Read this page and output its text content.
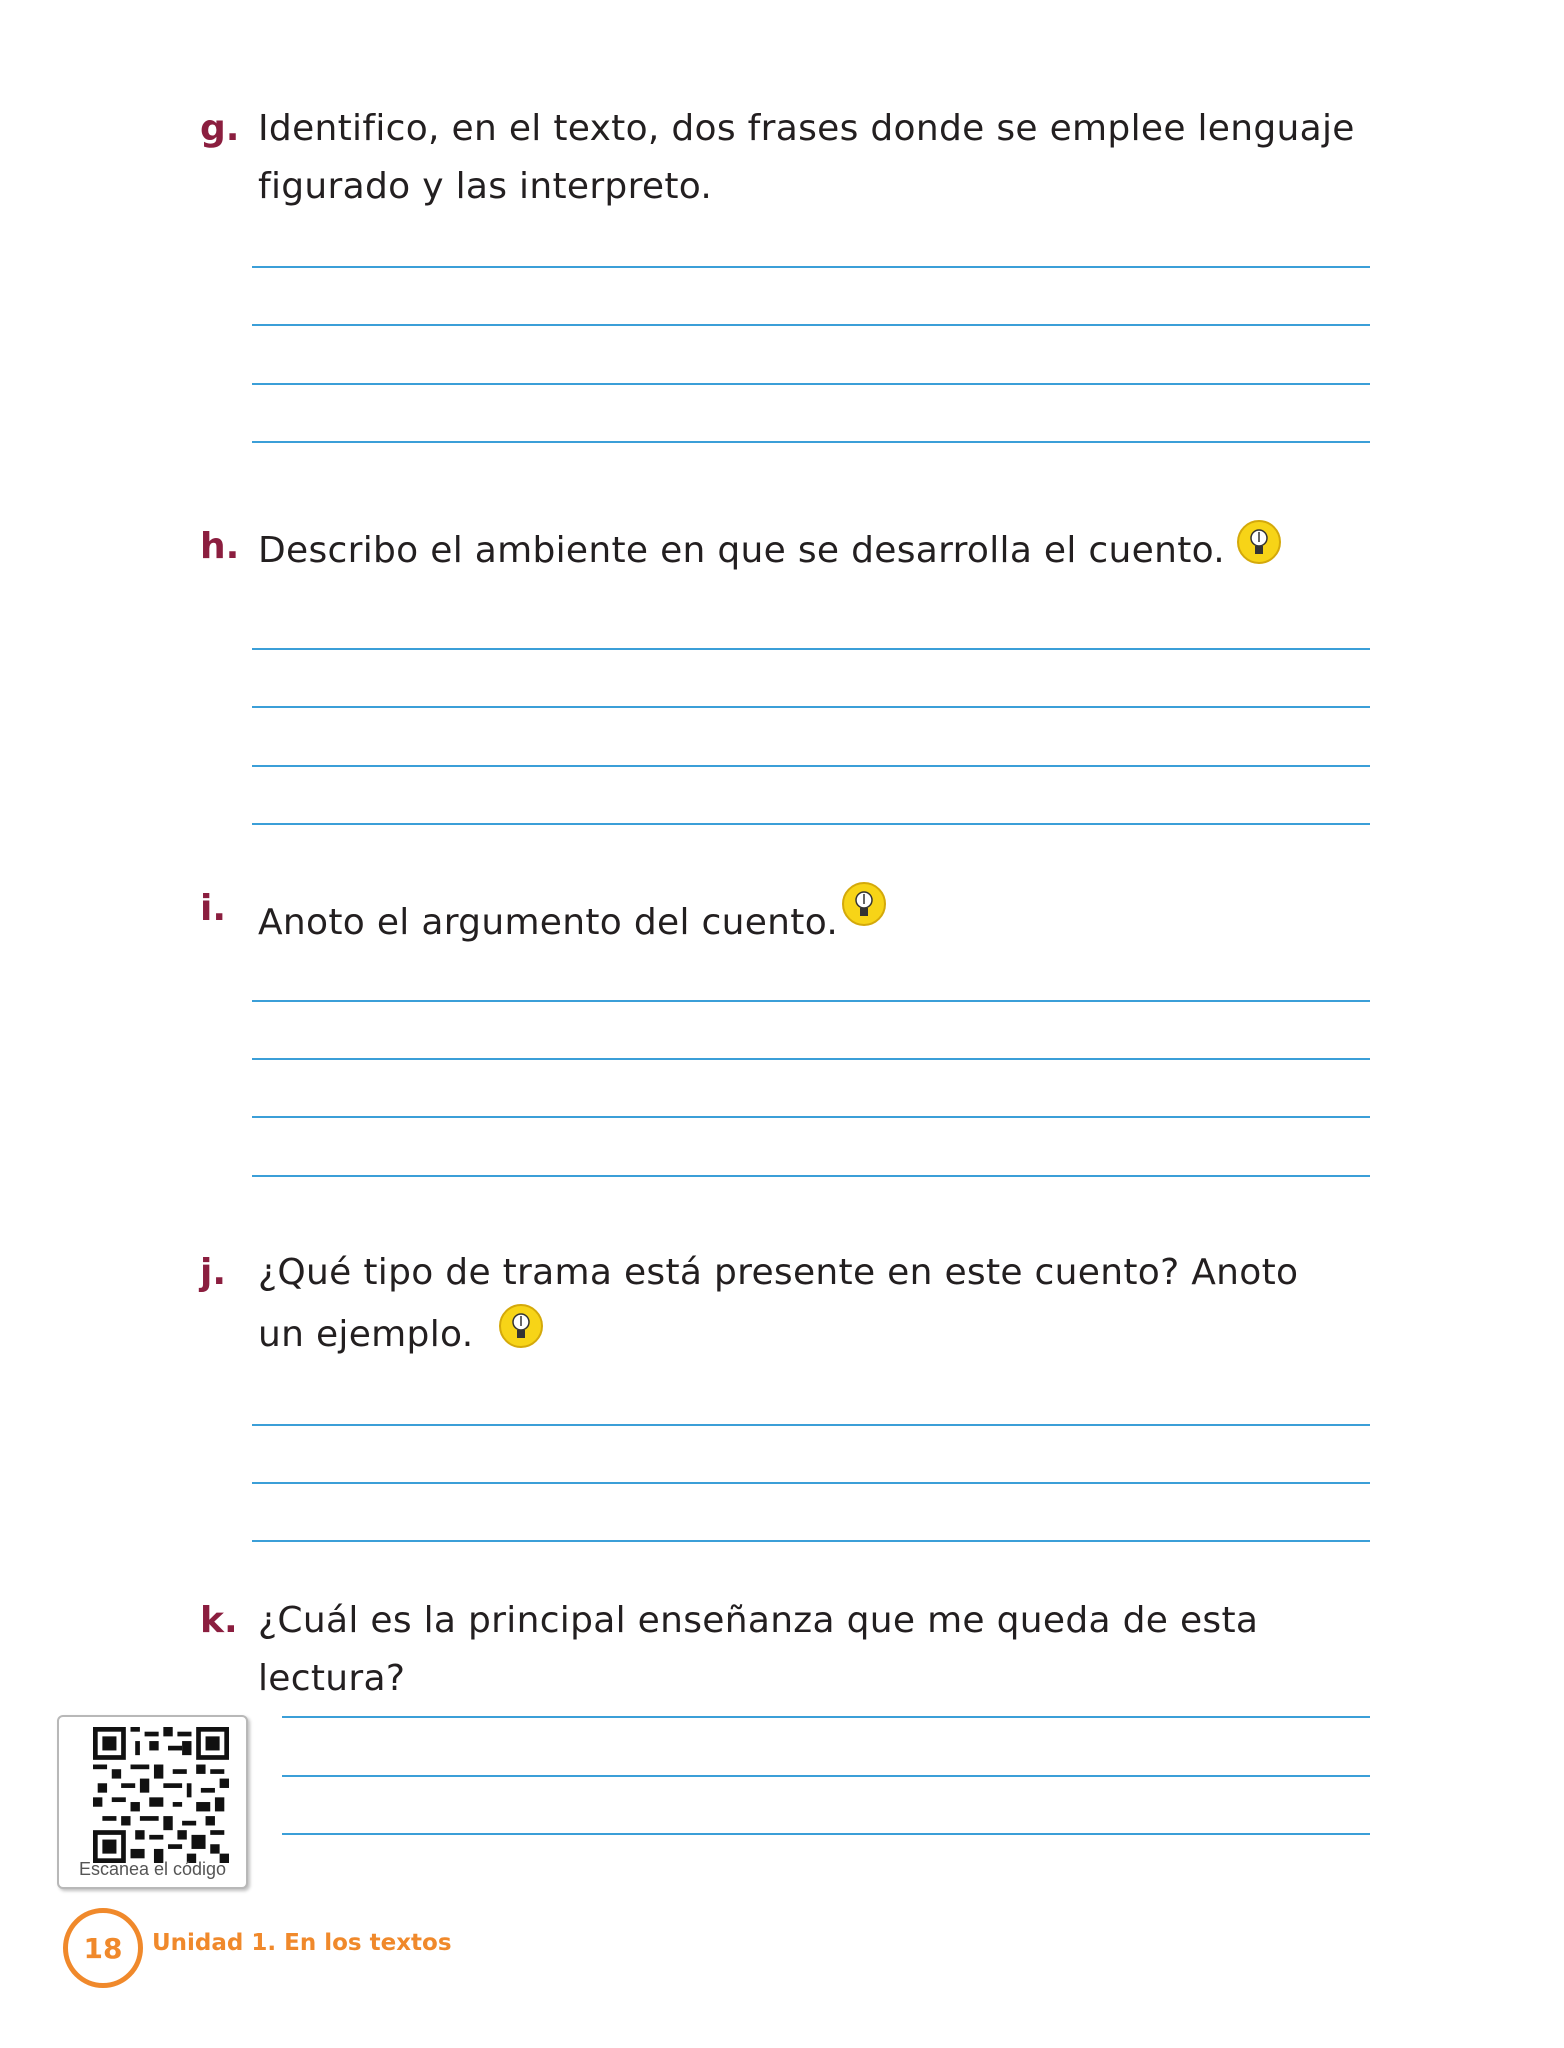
g. Identifico, en el texto, dos frases donde se emplee lenguaje figurado y las interpreto.
h. Describo el ambiente en que se desarrolla el cuento.
i. Anoto el argumento del cuento.
j. ¿Qué tipo de trama está presente en este cuento? Anoto un ejemplo.
k. ¿Cuál es la principal enseñanza que me queda de esta lectura?
Escanea el código
18	Unidad 1. En los textos
